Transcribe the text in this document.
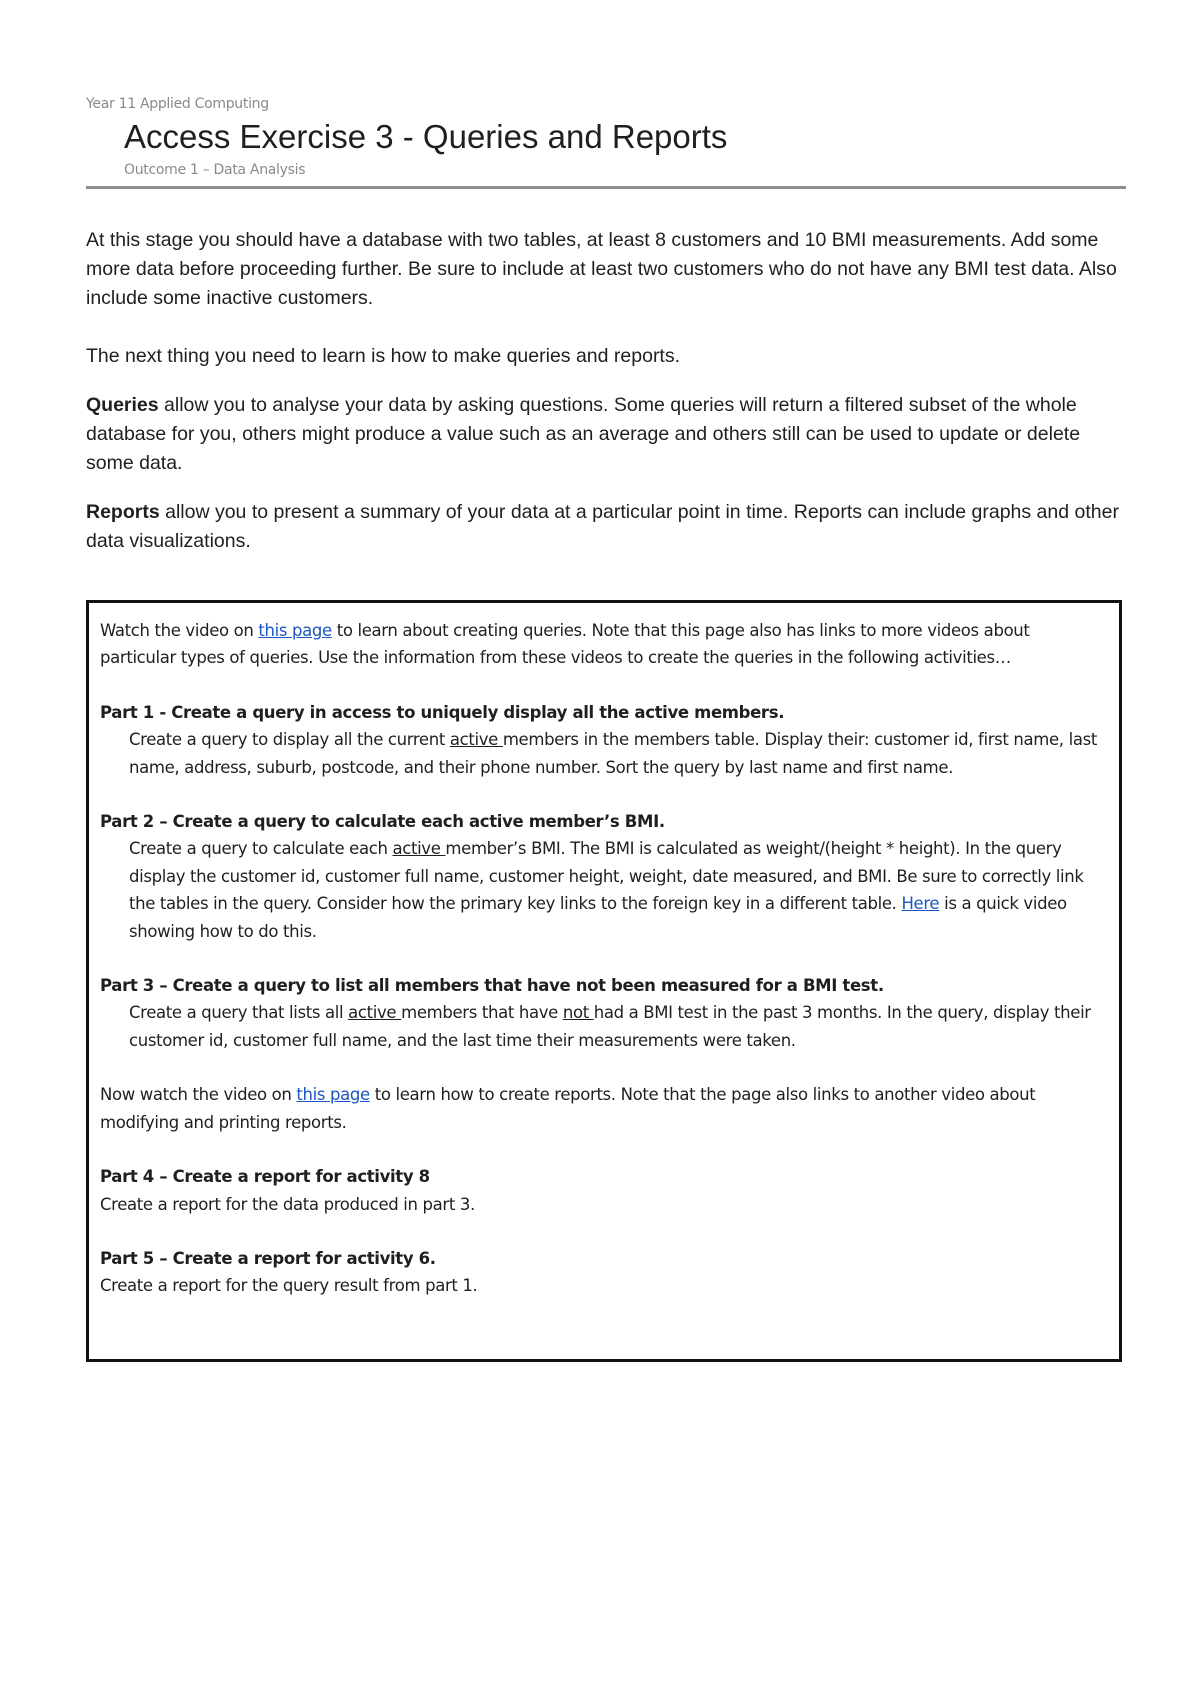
Year 11 Applied Computing
Access Exercise 3 - Queries and Reports
Outcome 1 – Data Analysis

At this stage you should have a database with two tables, at least 8 customers and 10 BMI measurements. Add some more data before proceeding further. Be sure to include at least two customers who do not have any BMI test data. Also include some inactive customers.

The next thing you need to learn is how to make queries and reports.

Queries allow you to analyse your data by asking questions. Some queries will return a filtered subset of the whole database for you, others might produce a value such as an average and others still can be used to update or delete some data.

Reports allow you to present a summary of your data at a particular point in time. Reports can include graphs and other data visualizations.

Watch the video on this page to learn about creating queries. Note that this page also has links to more videos about particular types of queries. Use the information from these videos to create the queries in the following activities…

Part 1 - Create a query in access to uniquely display all the active members.

Create a query to display all the current active members in the members table. Display their: customer id, first name, last name, address, suburb, postcode, and their phone number. Sort the query by last name and first name.

Part 2 – Create a query to calculate each active member’s BMI.

Create a query to calculate each active member’s BMI. The BMI is calculated as weight/(height * height). In the query display the customer id, customer full name, customer height, weight, date measured, and BMI. Be sure to correctly link the tables in the query. Consider how the primary key links to the foreign key in a different table. Here is a quick video showing how to do this.

Part 3 – Create a query to list all members that have not been measured for a BMI test.

Create a query that lists all active members that have not had a BMI test in the past 3 months. In the query, display their customer id, customer full name, and the last time their measurements were taken.

Now watch the video on this page to learn how to create reports. Note that the page also links to another video about modifying and printing reports.

Part 4 – Create a report for activity 8

Create a report for the data produced in part 3.

Part 5 – Create a report for activity 6.

Create a report for the query result from part 1.
